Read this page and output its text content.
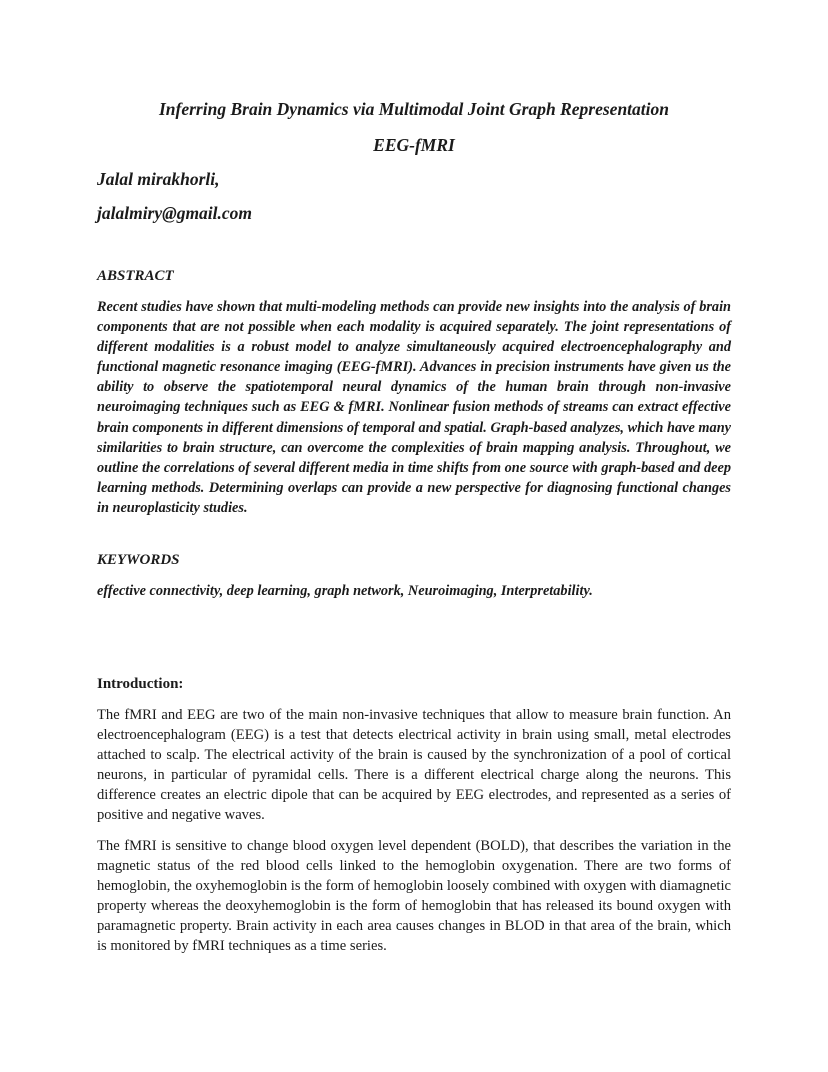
Inferring Brain Dynamics via Multimodal Joint Graph Representation
EEG-fMRI
Jalal mirakhorli,
jalalmiry@gmail.com
ABSTRACT

Recent studies have shown that multi-modeling methods can provide new insights into the analysis of brain components that are not possible when each modality is acquired separately. The joint representations of different modalities is a robust model to analyze simultaneously acquired electroencephalography and functional magnetic resonance imaging (EEG-fMRI). Advances in precision instruments have given us the ability to observe the spatiotemporal neural dynamics of the human brain through non-invasive neuroimaging techniques such as EEG & fMRI. Nonlinear fusion methods of streams can extract effective brain components in different dimensions of temporal and spatial. Graph-based analyzes, which have many similarities to brain structure, can overcome the complexities of brain mapping analysis. Throughout, we outline the correlations of several different media in time shifts from one source with graph-based and deep learning methods. Determining overlaps can provide a new perspective for diagnosing functional changes in neuroplasticity studies.

KEYWORDS

effective connectivity, deep learning, graph network, Neuroimaging, Interpretability.

Introduction:

The fMRI and EEG are two of the main non-invasive techniques that allow to measure brain function. An electroencephalogram (EEG) is a test that detects electrical activity in brain using small, metal electrodes attached to scalp. The electrical activity of the brain is caused by the synchronization of a pool of cortical neurons, in particular of pyramidal cells. There is a different electrical charge along the neurons. This difference creates an electric dipole that can be acquired by EEG electrodes, and represented as a series of positive and negative waves.

The fMRI is sensitive to change blood oxygen level dependent (BOLD), that describes the variation in the magnetic status of the red blood cells linked to the hemoglobin oxygenation. There are two forms of hemoglobin, the oxyhemoglobin is the form of hemoglobin loosely combined with oxygen with diamagnetic property whereas the deoxyhemoglobin is the form of hemoglobin that has released its bound oxygen with paramagnetic property. Brain activity in each area causes changes in BLOD in that area of the brain, which is monitored by fMRI techniques as a time series.
